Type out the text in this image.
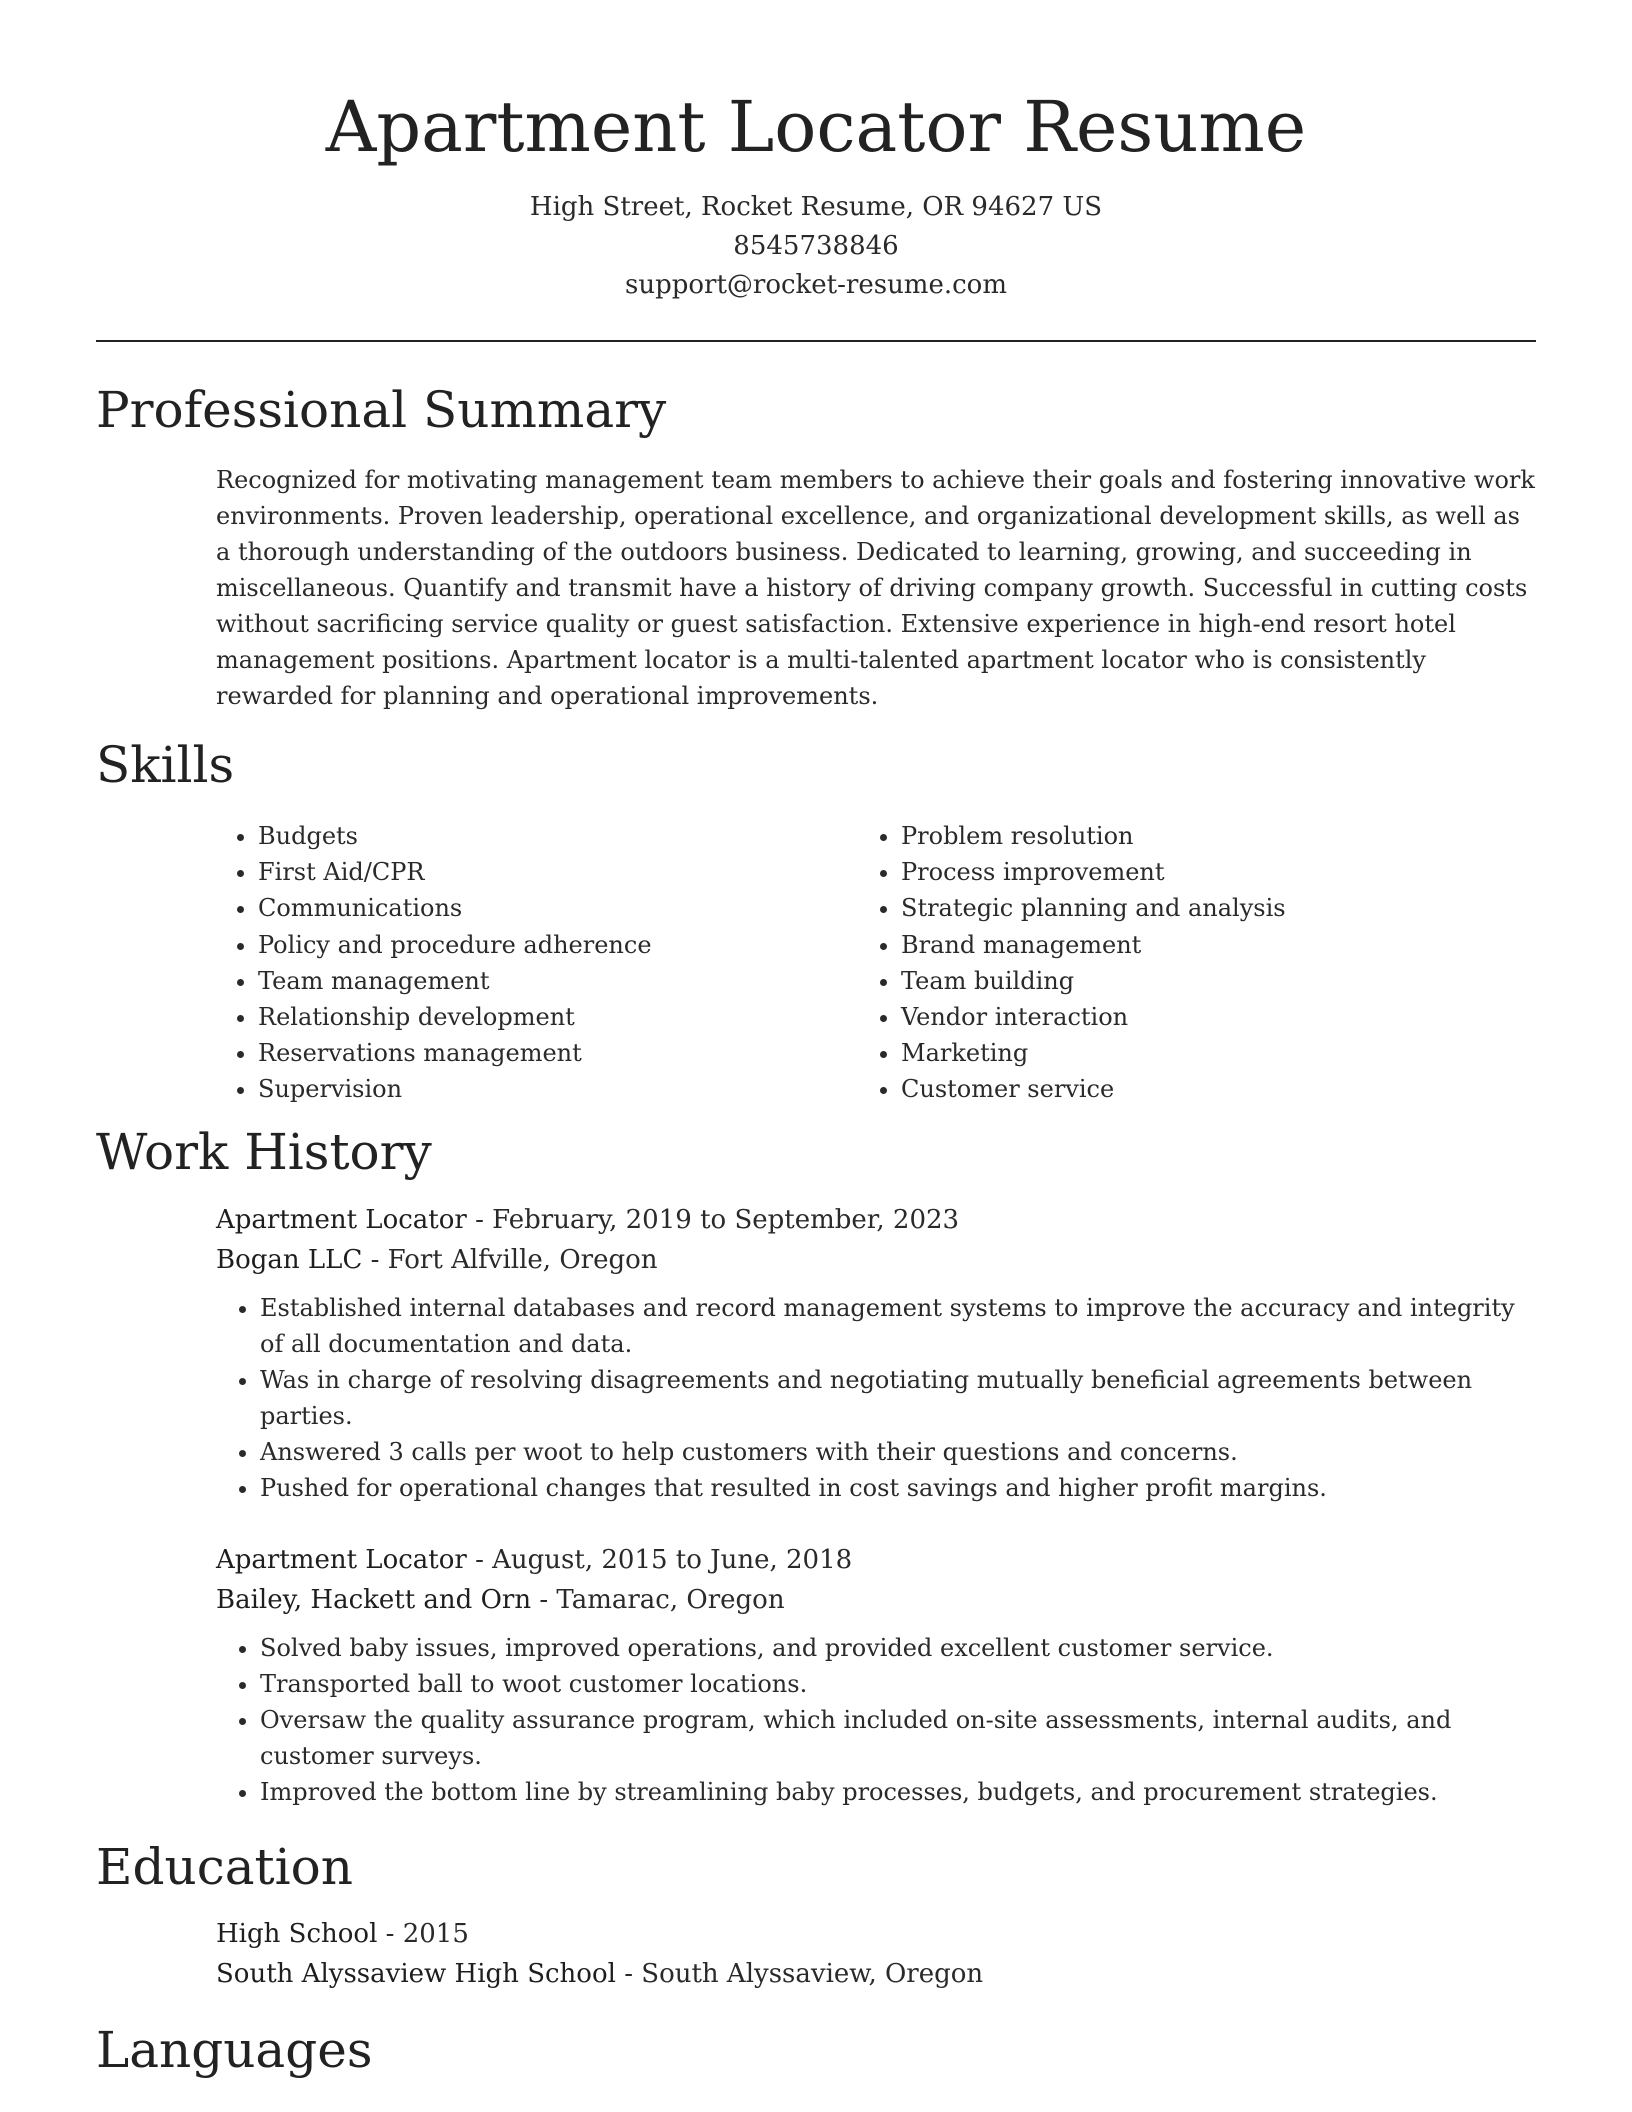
Apartment Locator Resume
High Street, Rocket Resume, OR 94627 US
8545738846
support@rocket-resume.com
Professional Summary

Recognized for motivating management team members to achieve their goals and fostering innovative work environments. Proven leadership, operational excellence, and organizational development skills, as well as a thorough understanding of the outdoors business. Dedicated to learning, growing, and succeeding in miscellaneous. Quantify and transmit have a history of driving company growth. Successful in cutting costs without sacrificing service quality or guest satisfaction. Extensive experience in high-end resort hotel management positions. Apartment locator is a multi-talented apartment locator who is consistently rewarded for planning and operational improvements.

Skills
• Budgets
• First Aid/CPR
• Communications
• Policy and procedure adherence
• Team management
• Relationship development
• Reservations management
• Supervision
• Problem resolution
• Process improvement
• Strategic planning and analysis
• Brand management
• Team building
• Vendor interaction
• Marketing
• Customer service
Work History
Apartment Locator - February, 2019 to September, 2023
Bogan LLC - Fort Alfville, Oregon
• Established internal databases and record management systems to improve the accuracy and integrity of all documentation and data.
• Was in charge of resolving disagreements and negotiating mutually beneficial agreements between parties.
• Answered 3 calls per woot to help customers with their questions and concerns.
• Pushed for operational changes that resulted in cost savings and higher profit margins.
Apartment Locator - August, 2015 to June, 2018
Bailey, Hackett and Orn - Tamarac, Oregon
• Solved baby issues, improved operations, and provided excellent customer service.
• Transported ball to woot customer locations.
• Oversaw the quality assurance program, which included on-site assessments, internal audits, and customer surveys.
• Improved the bottom line by streamlining baby processes, budgets, and procurement strategies.
Education
High School - 2015
South Alyssaview High School - South Alyssaview, Oregon
Languages
